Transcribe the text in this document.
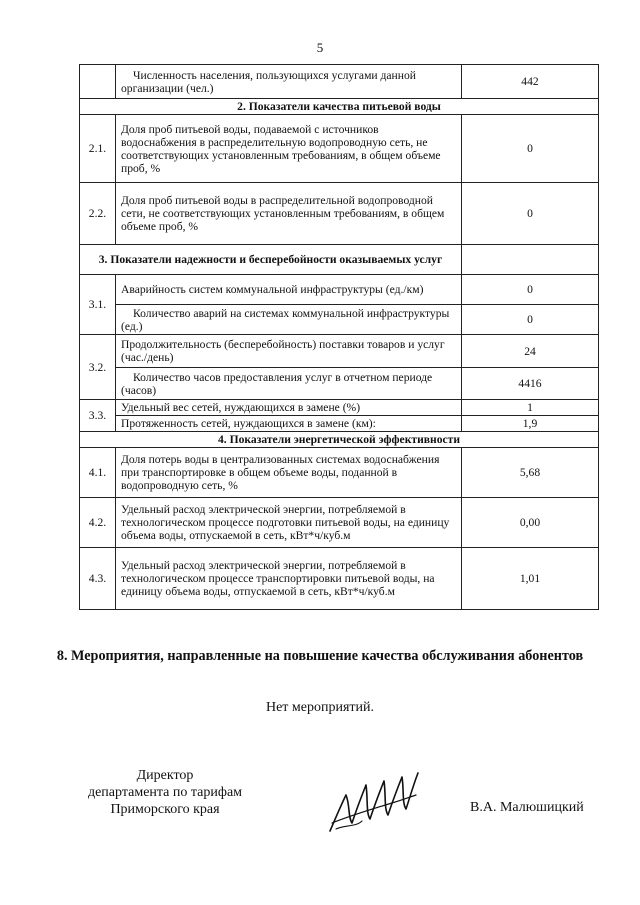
5
	Численность населения, пользующихся услугами данной организации (чел.)	442
2. Показатели качества питьевой воды		
2.1.	Доля проб питьевой воды, подаваемой с источников водоснабжения в распределительную водопроводную сеть, не соответствующих установленным требованиям, в общем объеме проб, %	0
2.2.	Доля проб питьевой воды в распределительной водопроводной сети, не соответствующих установленным требованиям, в общем объеме проб, %	0
3. Показатели надежности и бесперебойности оказываемых услуг		
3.1.	Аварийность систем коммунальной инфраструктуры (ед./км)	0
	Количество аварий на системах коммунальной инфраструктуры (ед.)	0
3.2.	Продолжительность (бесперебойность) поставки товаров и услуг (час./день)	24
	Количество часов предоставления услуг в отчетном периоде (часов)	4416
3.3.	Удельный вес сетей, нуждающихся в замене (%)	1
	Протяженность сетей, нуждающихся в замене (км):	1,9
4. Показатели энергетической эффективности		
4.1.	Доля потерь воды в централизованных системах водоснабжения при транспортировке в общем объеме воды, поданной в водопроводную сеть, %	5,68
4.2.	Удельный расход электрической энергии, потребляемой в технологическом процессе подготовки питьевой воды, на единицу объема воды, отпускаемой в сеть, кВт*ч/куб.м	0,00
4.3.	Удельный расход электрической энергии, потребляемой в технологическом процессе транспортировки питьевой воды, на единицу объема воды, отпускаемой в сеть, кВт*ч/куб.м	1,01
8. Мероприятия, направленные на повышение качества обслуживания абонентов
Нет мероприятий.
Директор
департамента по тарифам
Приморского края	В.А. Малюшицкий
